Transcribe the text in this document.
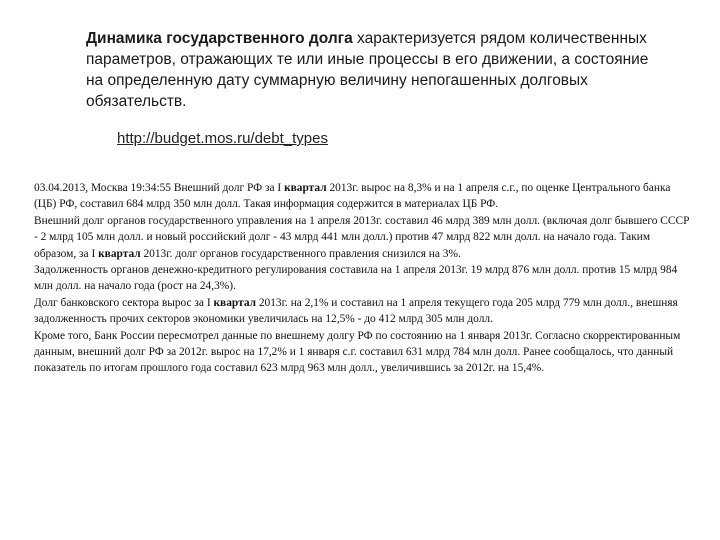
Динамика государственного долга характеризуется рядом количественных параметров, отражающих те или иные процессы в его движении, а состояние на определенную дату суммарную величину непогашенных долговых обязательств.
http://budget.mos.ru/debt_types

03.04.2013, Москва 19:34:55 Внешний долг РФ за I квартал 2013г. вырос на 8,3% и на 1 апреля с.г., по оценке Центрального банка (ЦБ) РФ, составил 684 млрд 350 млн долл. Такая информация содержится в материалах ЦБ РФ.

Внешний долг органов государственного управления на 1 апреля 2013г. составил 46 млрд 389 млн долл. (включая долг бывшего СССР - 2 млрд 105 млн долл. и новый российский долг - 43 млрд 441 млн долл.) против 47 млрд 822 млн долл. на начало года. Таким образом, за I квартал 2013г. долг органов государственного правления снизился на 3%.

Задолженность органов денежно-кредитного регулирования составила на 1 апреля 2013г. 19 млрд 876 млн долл. против 15 млрд 984 млн долл. на начало года (рост на 24,3%).

Долг банковского сектора вырос за I квартал 2013г. на 2,1% и составил на 1 апреля текущего года 205 млрд 779 млн долл., внешняя задолженность прочих секторов экономики увеличилась на 12,5% - до 412 млрд 305 млн долл.

Кроме того, Банк России пересмотрел данные по внешнему долгу РФ по состоянию на 1 января 2013г. Согласно скорректированным данным, внешний долг РФ за 2012г. вырос на 17,2% и 1 января с.г. составил 631 млрд 784 млн долл. Ранее сообщалось, что данный показатель по итогам прошлого года составил 623 млрд 963 млн долл., увеличившись за 2012г. на 15,4%.
